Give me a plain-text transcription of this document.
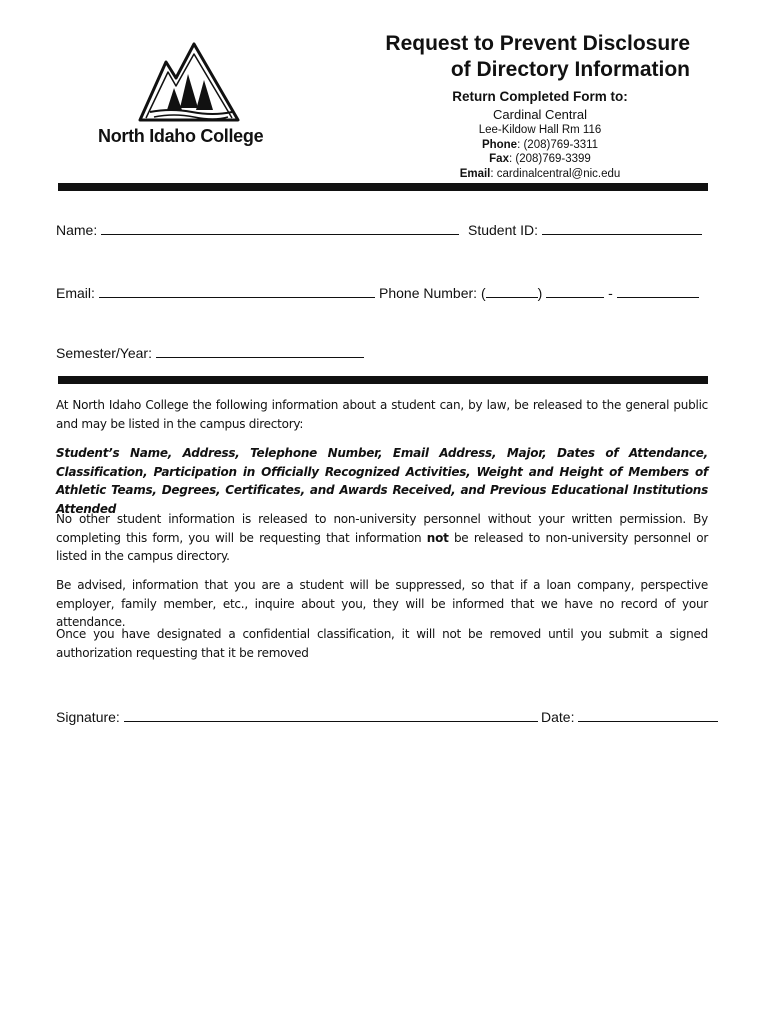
North Idaho College
Request to Prevent Disclosure
of Directory Information
Return Completed Form to:
Cardinal Central
Lee-Kildow Hall Rm 116
Phone: (208)769-3311
Fax: (208)769-3399
Email: cardinalcentral@nic.edu
Name:	Student ID:
Email:	Phone Number: (	)	-
Semester/Year:
At North Idaho College the following information about a student can, by law, be released to the general public and may be listed in the campus directory:
Student’s Name, Address, Telephone Number, Email Address, Major, Dates of Attendance, Classification, Participation in Officially Recognized Activities, Weight and Height of Members of Athletic Teams, Degrees, Certificates, and Awards Received, and Previous Educational Institutions Attended
No other student information is released to non-university personnel without your written permission. By completing this form, you will be requesting that information not be released to non-university personnel or listed in the campus directory.
Be advised, information that you are a student will be suppressed, so that if a loan company, perspective employer, family member, etc., inquire about you, they will be informed that we have no record of your attendance.
Once you have designated a confidential classification, it will not be removed until you submit a signed authorization requesting that it be removed
Signature:	Date:
